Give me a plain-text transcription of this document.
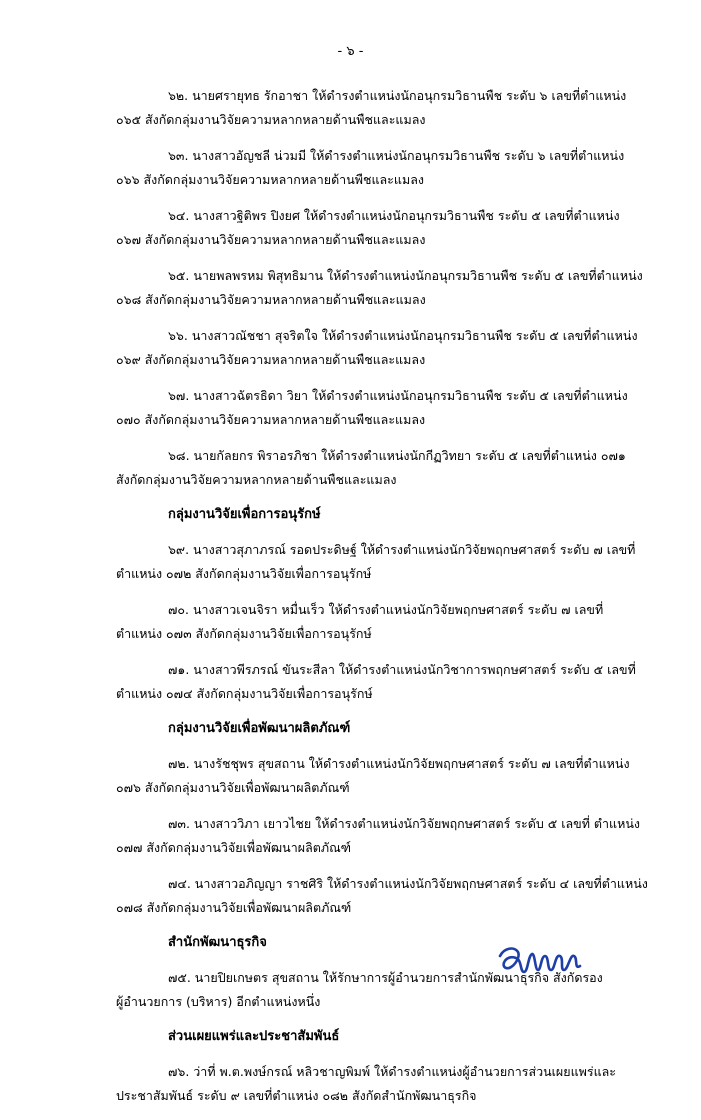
- ๖ -
๖๒. นายศรายุทธ รักอาชา ให้ดำรงตำแหน่งนักอนุกรมวิธานพืช ระดับ ๖ เลขที่ตำแหน่ง
๐๖๕ สังกัดกลุ่มงานวิจัยความหลากหลายด้านพืชและแมลง
๖๓. นางสาวอัญชลี น่วมมี ให้ดำรงตำแหน่งนักอนุกรมวิธานพืช ระดับ ๖ เลขที่ตำแหน่ง
๐๖๖ สังกัดกลุ่มงานวิจัยความหลากหลายด้านพืชและแมลง
๖๔. นางสาวฐิติพร ปิงยศ ให้ดำรงตำแหน่งนักอนุกรมวิธานพืช ระดับ ๕ เลขที่ตำแหน่ง
๐๖๗ สังกัดกลุ่มงานวิจัยความหลากหลายด้านพืชและแมลง
๖๕. นายพลพรหม พิสุทธิมาน ให้ดำรงตำแหน่งนักอนุกรมวิธานพืช ระดับ ๕ เลขที่ตำแหน่ง
๐๖๘ สังกัดกลุ่มงานวิจัยความหลากหลายด้านพืชและแมลง
๖๖. นางสาวณัชชา สุจริตใจ ให้ดำรงตำแหน่งนักอนุกรมวิธานพืช ระดับ ๕ เลขที่ตำแหน่ง
๐๖๙ สังกัดกลุ่มงานวิจัยความหลากหลายด้านพืชและแมลง
๖๗. นางสาวฉัตรธิดา วิยา ให้ดำรงตำแหน่งนักอนุกรมวิธานพืช ระดับ ๕ เลขที่ตำแหน่ง
๐๗๐ สังกัดกลุ่มงานวิจัยความหลากหลายด้านพืชและแมลง
๖๘. นายกัลยกร พิราอรภิชา ให้ดำรงตำแหน่งนักกีฏวิทยา ระดับ ๕ เลขที่ตำแหน่ง ๐๗๑
สังกัดกลุ่มงานวิจัยความหลากหลายด้านพืชและแมลง
กลุ่มงานวิจัยเพื่อการอนุรักษ์
๖๙. นางสาวสุภาภรณ์ รอดประดิษฐ์ ให้ดำรงตำแหน่งนักวิจัยพฤกษศาสตร์ ระดับ ๗ เลขที่
ตำแหน่ง ๐๗๒ สังกัดกลุ่มงานวิจัยเพื่อการอนุรักษ์
๗๐. นางสาวเจนจิรา หมื่นเร็ว ให้ดำรงตำแหน่งนักวิจัยพฤกษศาสตร์ ระดับ ๗ เลขที่
ตำแหน่ง ๐๗๓ สังกัดกลุ่มงานวิจัยเพื่อการอนุรักษ์
๗๑. นางสาวพีรภรณ์ ขันระสีลา ให้ดำรงตำแหน่งนักวิชาการพฤกษศาสตร์ ระดับ ๕ เลขที่
ตำแหน่ง ๐๗๔ สังกัดกลุ่มงานวิจัยเพื่อการอนุรักษ์
กลุ่มงานวิจัยเพื่อพัฒนาผลิตภัณฑ์
๗๒. นางรัชชุพร สุขสถาน ให้ดำรงตำแหน่งนักวิจัยพฤกษศาสตร์ ระดับ ๗ เลขที่ตำแหน่ง
๐๗๖ สังกัดกลุ่มงานวิจัยเพื่อพัฒนาผลิตภัณฑ์
๗๓. นางสาววิภา เยาวไชย ให้ดำรงตำแหน่งนักวิจัยพฤกษศาสตร์ ระดับ ๕ เลขที่ ตำแหน่ง
๐๗๗ สังกัดกลุ่มงานวิจัยเพื่อพัฒนาผลิตภัณฑ์
๗๔. นางสาวอภิญญา ราชศิริ ให้ดำรงตำแหน่งนักวิจัยพฤกษศาสตร์ ระดับ ๔ เลขที่ตำแหน่ง
๐๗๘ สังกัดกลุ่มงานวิจัยเพื่อพัฒนาผลิตภัณฑ์
สำนักพัฒนาธุรกิจ
๗๕. นายปิยเกษตร สุขสถาน ให้รักษาการผู้อำนวยการสำนักพัฒนาธุรกิจ สังกัดรอง
ผู้อำนวยการ (บริหาร) อีกตำแหน่งหนึ่ง
ส่วนเผยแพร่และประชาสัมพันธ์
๗๖. ว่าที่ พ.ต.พงษ์กรณ์ หลิวชาญพิมพ์ ให้ดำรงตำแหน่งผู้อำนวยการส่วนเผยแพร่และ
ประชาสัมพันธ์ ระดับ ๙ เลขที่ตำแหน่ง ๐๘๒ สังกัดสำนักพัฒนาธุรกิจ
